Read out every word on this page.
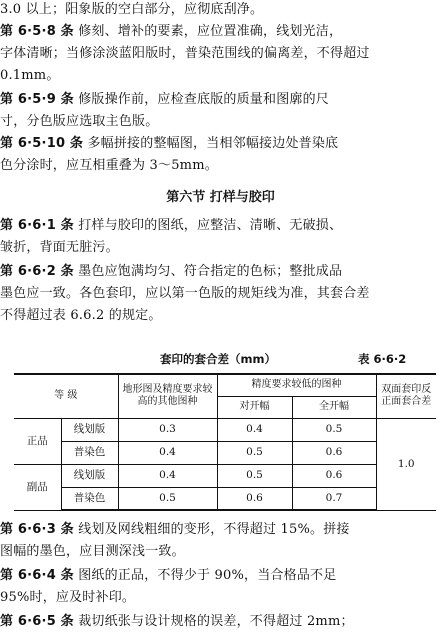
3.0 以上；阳象版的空白部分，应彻底刮净。
第 6·5·8 条 修刻、增补的要素，应位置准确，线划光洁，
字体清晰；当修涂淡蓝阳版时，普染范围线的偏离差，不得超过
0.1mm。
第 6·5·9 条 修版操作前，应检查底版的质量和图廓的尺
寸，分色版应选取主色版。
第 6·5·10 条 多幅拼接的整幅图，当相邻幅接边处普染底
色分涂时，应互相重叠为 3～5mm。
第六节 打样与胶印
第 6·6·1 条 打样与胶印的图纸，应整洁、清晰、无破损、
皱折，背面无脏污。
第 6·6·2 条 墨色应饱满均匀、符合指定的色标；整批成品
墨色应一致。各色套印，应以第一色版的规矩线为准，其套合差
不得超过表 6.6.2 的规定。
套印的套合差（mm）	表 6·6·2
等 级		地形图及精度要求较高的其他图种	精度要求较低的图种		双面套印反正面套合差
			对开幅	全开幅	
正品	线划版	0.3	0.4	0.5	1.0
	普染色	0.4	0.5	0.6	
副品	线划版	0.4	0.5	0.6	
	普染色	0.5	0.6	0.7	
第 6·6·3 条 线划及网线粗细的变形，不得超过 15%。拼接
图幅的墨色，应目测深浅一致。
第 6·6·4 条 图纸的正品，不得少于 90%，当合格品不足
95%时，应及时补印。
第 6·6·5 条 裁切纸张与设计规格的误差，不得超过 2mm；
